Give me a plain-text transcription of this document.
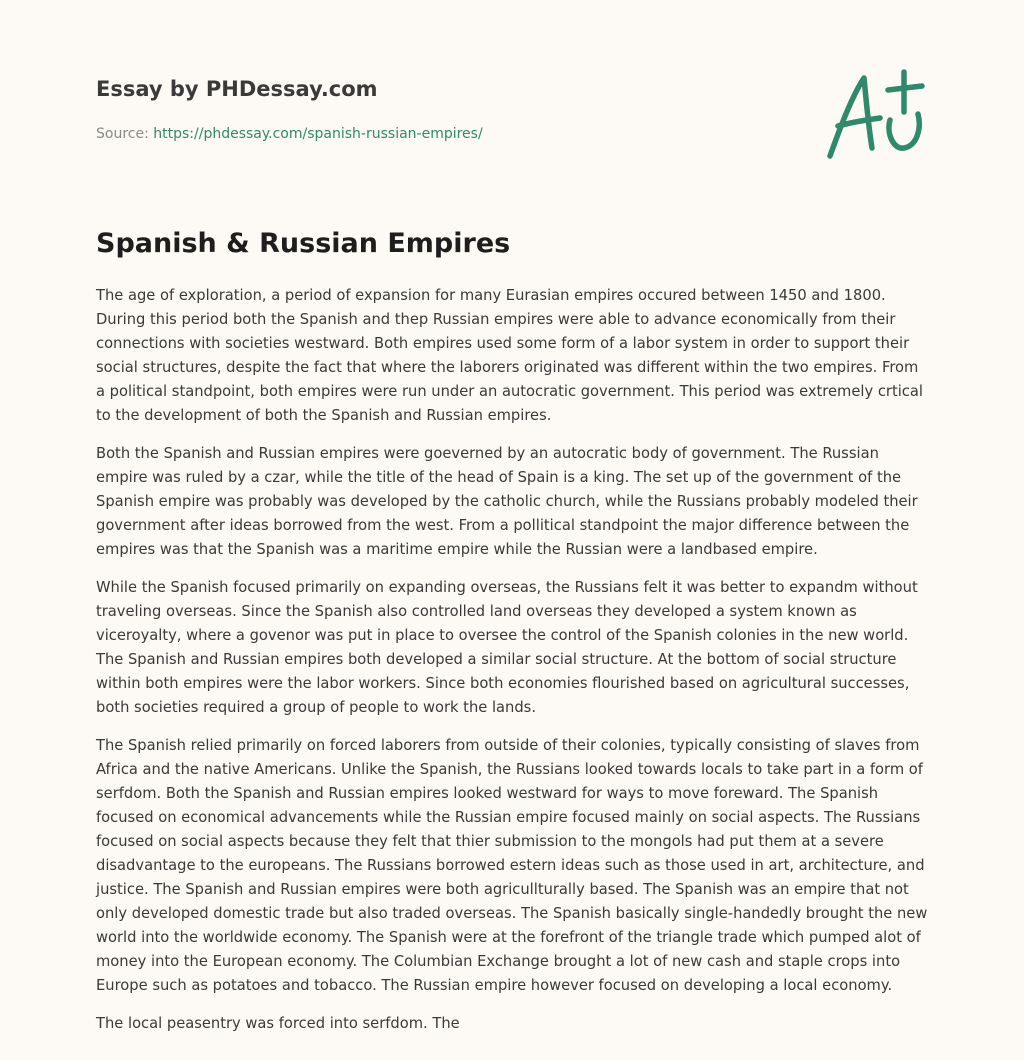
Essay by PHDessay.com

Source: https://phdessay.com/spanish-russian-empires/
Spanish & Russian Empires

The age of exploration, a period of expansion for many Eurasian empires occured between 1450 and 1800. During this period both the Spanish and thep Russian empires were able to advance economically from their connections with societies westward. Both empires used some form of a labor system in order to support their social structures, despite the fact that where the laborers originated was different within the two empires. From a political standpoint, both empires were run under an autocratic government. This period was extremely crtical to the development of both the Spanish and Russian empires.

Both the Spanish and Russian empires were goeverned by an autocratic body of government. The Russian empire was ruled by a czar, while the title of the head of Spain is a king. The set up of the government of the Spanish empire was probably was developed by the catholic church, while the Russians probably modeled their government after ideas borrowed from the west. From a pollitical standpoint the major difference between the empires was that the Spanish was a maritime empire while the Russian were a landbased empire.

While the Spanish focused primarily on expanding overseas, the Russians felt it was better to expandm without traveling overseas. Since the Spanish also controlled land overseas they developed a system known as viceroyalty, where a govenor was put in place to oversee the control of the Spanish colonies in the new world. The Spanish and Russian empires both developed a similar social structure. At the bottom of social structure within both empires were the labor workers. Since both economies flourished based on agricultural successes, both societies required a group of people to work the lands.

The Spanish relied primarily on forced laborers from outside of their colonies, typically consisting of slaves from Africa and the native Americans. Unlike the Spanish, the Russians looked towards locals to take part in a form of serfdom. Both the Spanish and Russian empires looked westward for ways to move foreward. The Spanish focused on economical advancements while the Russian empire focused mainly on social aspects. The Russians focused on social aspects because they felt that thier submission to the mongols had put them at a severe disadvantage to the europeans. The Russians borrowed estern ideas such as those used in art, architecture, and justice. The Spanish and Russian empires were both agricullturally based. The Spanish was an empire that not only developed domestic trade but also traded overseas. The Spanish basically single-handedly brought the new world into the worldwide economy. The Spanish were at the forefront of the triangle trade which pumped alot of money into the European economy. The Columbian Exchange brought a lot of new cash and staple crops into Europe such as potatoes and tobacco. The Russian empire however focused on developing a local economy.

The local peasentry was forced into serfdom. The
